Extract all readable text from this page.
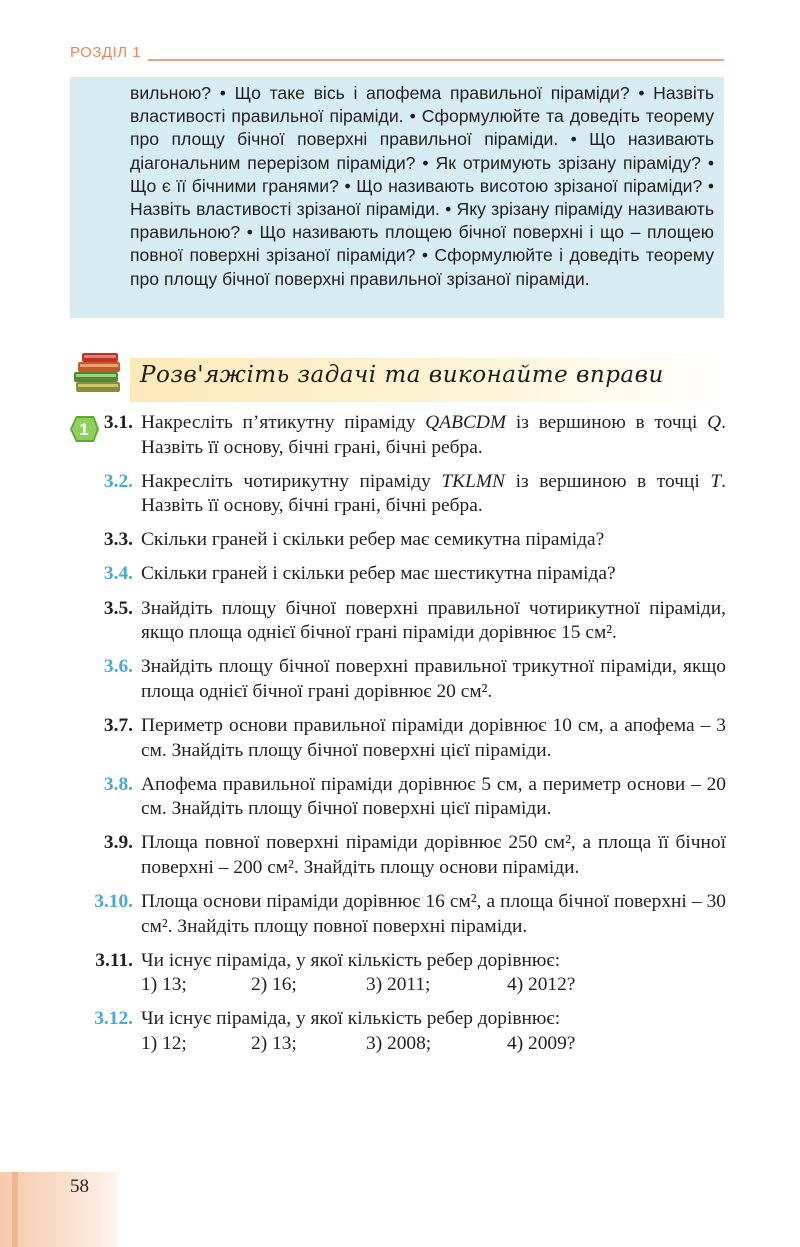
РОЗДІЛ 1
вильною? • Що таке вісь і апофема правильної піраміди? • Назвіть властивості правильної піраміди. • Сформулюйте та доведіть теорему про площу бічної поверхні правильної піраміди. • Що називають діагональним перерізом піраміди? • Як отримують зрізану піраміду? • Що є її бічними гранями? • Що називають висотою зрізаної піраміди? • Назвіть властивості зрізаної піраміди. • Яку зрізану піраміду називають правильною? • Що називають площею бічної поверхні і що – площею повної поверхні зрізаної піраміди? • Сформулюйте і доведіть теорему про площу бічної поверхні правильної зрізаної піраміди.
Розв'яжіть задачі та виконайте вправи
1 3.1. Накресліть п’ятикутну піраміду QABCDM із вершиною в точці Q. Назвіть її основу, бічні грані, бічні ребра.
3.2. Накресліть чотирикутну піраміду TKLMN із вершиною в точці T. Назвіть її основу, бічні грані, бічні ребра.
3.3. Скільки граней і скільки ребер має семикутна піраміда?
3.4. Скільки граней і скільки ребер має шестикутна піраміда?
3.5. Знайдіть площу бічної поверхні правильної чотирикутної піраміди, якщо площа однієї бічної грані піраміди дорівнює 15 см².
3.6. Знайдіть площу бічної поверхні правильної трикутної піраміди, якщо площа однієї бічної грані дорівнює 20 см².
3.7. Периметр основи правильної піраміди дорівнює 10 см, а апофема – 3 см. Знайдіть площу бічної поверхні цієї піраміди.
3.8. Апофема правильної піраміди дорівнює 5 см, а периметр основи – 20 см. Знайдіть площу бічної поверхні цієї піраміди.
3.9. Площа повної поверхні піраміди дорівнює 250 см², а площа її бічної поверхні – 200 см². Знайдіть площу основи піраміди.
3.10. Площа основи піраміди дорівнює 16 см², а площа бічної поверхні – 30 см². Знайдіть площу повної поверхні піраміди.
3.11. Чи існує піраміда, у якої кількість ребер дорівнює:
1) 13;	2) 16;	3) 2011;	4) 2012?
3.12. Чи існує піраміда, у якої кількість ребер дорівнює:
1) 12;	2) 13;	3) 2008;	4) 2009?
58
